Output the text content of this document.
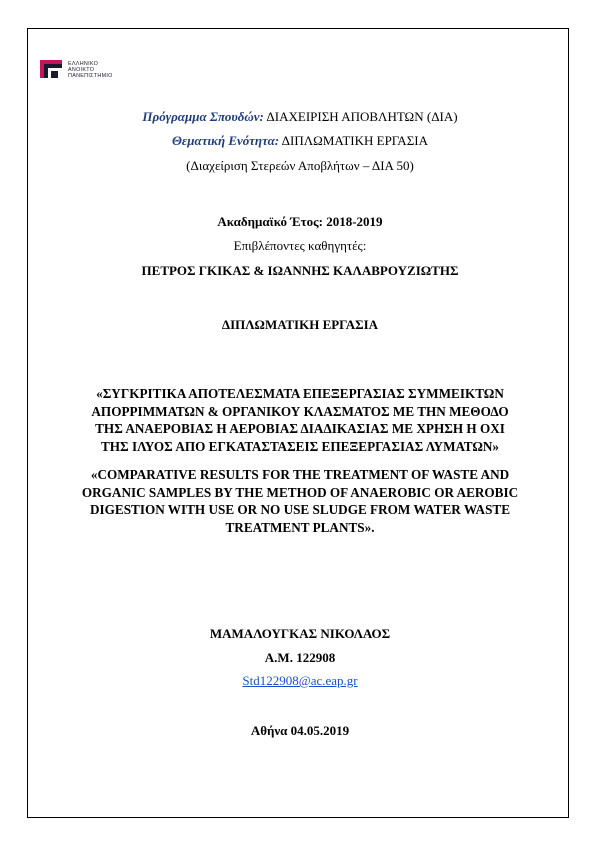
ΕΛΛΗΝΙΚΟ
ΑΝΟΙΚΤΟ
ΠΑΝΕΠΙΣΤΗΜΙΟ
Πρόγραμμα Σπουδών: ΔΙΑΧΕΙΡΙΣΗ ΑΠΟΒΛΗΤΩΝ (ΔΙΑ)
Θεματική Ενότητα: ΔΙΠΛΩΜΑΤΙΚΗ ΕΡΓΑΣΙΑ
(Διαχείριση Στερεών Αποβλήτων – ΔΙΑ 50)
Ακαδημαϊκό Έτος: 2018-2019
Επιβλέποντες καθηγητές:
ΠΕΤΡΟΣ ΓΚΙΚΑΣ & ΙΩΑΝΝΗΣ ΚΑΛΑΒΡΟΥΖΙΩΤΗΣ
ΔΙΠΛΩΜΑΤΙΚΗ ΕΡΓΑΣΙΑ
«ΣΥΓΚΡΙΤΙΚΑ ΑΠΟΤΕΛΕΣΜΑΤΑ ΕΠΕΞΕΡΓΑΣΙΑΣ ΣΥΜΜΕΙΚΤΩΝ
ΑΠΟΡΡΙΜΜΑΤΩΝ & ΟΡΓΑΝΙΚΟΥ ΚΛΑΣΜΑΤΟΣ ΜΕ ΤΗΝ ΜΕΘΟΔΟ
ΤΗΣ ΑΝΑΕΡΟΒΙΑΣ Η ΑΕΡΟΒΙΑΣ ΔΙΑΔΙΚΑΣΙΑΣ ΜΕ ΧΡΗΣΗ Η ΟΧΙ
ΤΗΣ ΙΛΥΟΣ ΑΠΟ ΕΓΚΑΤΑΣΤΑΣΕΙΣ ΕΠΕΞΕΡΓΑΣΙΑΣ ΛΥΜΑΤΩΝ»
«COMPARATIVE RESULTS FOR THE TREATMENT OF WASTE AND
ORGANIC SAMPLES BY THE METHOD OF ANAEROBIC OR AEROBIC
DIGESTION WITH USE OR NO USE SLUDGE FROM WATER WASTE
TREATMENT PLANTS».
ΜΑΜΑΛΟΥΓΚΑΣ ΝΙΚΟΛΑΟΣ
Α.Μ. 122908
Std122908@ac.eap.gr
Αθήνα 04.05.2019
